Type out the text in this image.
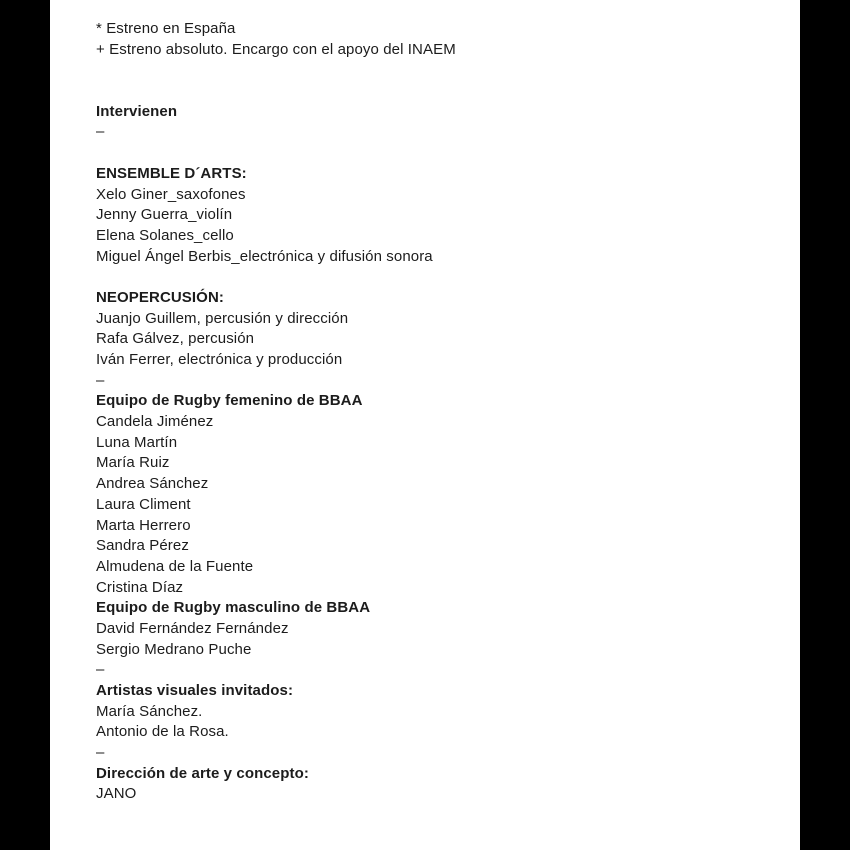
* Estreno en España
+ Estreno absoluto. Encargo con el apoyo del INAEM
Intervienen
–
ENSEMBLE D´ARTS:
Xelo Giner_saxofones
Jenny Guerra_violín
Elena Solanes_cello
Miguel Ángel Berbis_electrónica y difusión sonora
NEOPERCUSIÓN:
Juanjo Guillem, percusión y dirección
Rafa Gálvez, percusión
Iván Ferrer, electrónica y producción
–
Equipo de Rugby femenino de BBAA
Candela Jiménez
Luna Martín
María Ruiz
Andrea Sánchez
Laura Climent
Marta Herrero
Sandra Pérez
Almudena de la Fuente
Cristina Díaz
Equipo de Rugby masculino de BBAA
David Fernández Fernández
Sergio Medrano Puche
–
Artistas visuales invitados:
María Sánchez.
Antonio de la Rosa.
–
Dirección de arte y concepto:
JANO
